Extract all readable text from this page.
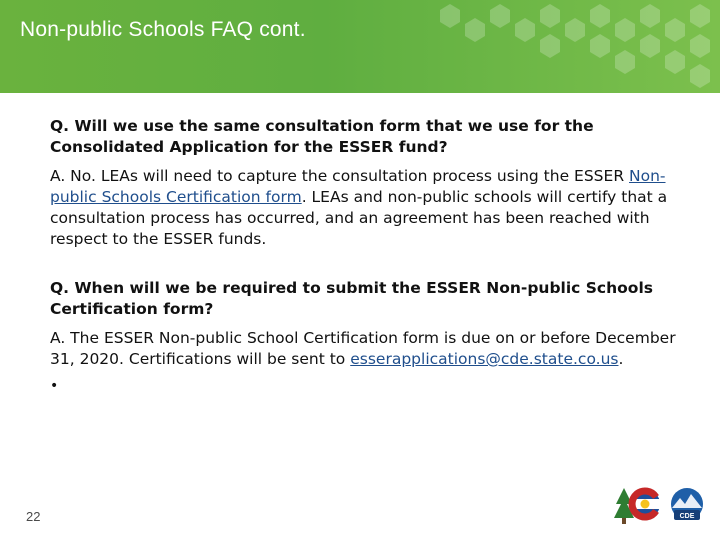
Non-public Schools FAQ cont.

Q. Will we use the same consultation form that we use for the Consolidated Application for the ESSER fund?

A. No. LEAs will need to capture the consultation process using the ESSER Non-public Schools Certification form. LEAs and non-public schools will certify that a consultation process has occurred, and an agreement has been reached with respect to the ESSER funds.

Q. When will we be required to submit the ESSER Non-public Schools Certification form?

A. The ESSER Non-public School Certification form is due on or before December 31, 2020. Certifications will be sent to esserapplications@cde.state.co.us.

•
22	CDE
